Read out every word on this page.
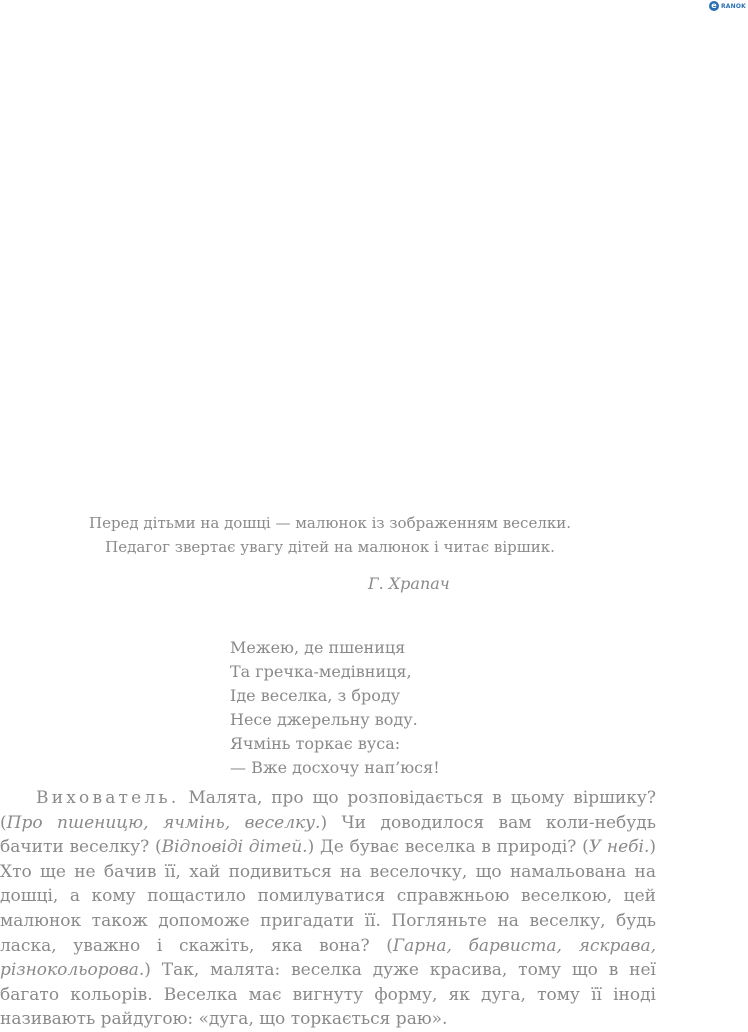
e RANOK
Перед дітьми на дошці — малюнок із зображенням веселки.
Педагог звертає увагу дітей на малюнок і читає віршик.
Г. Храпач
Межею, де пшениця
Та гречка-медівниця,
Іде веселка, з броду
Несе джерельну воду.
Ячмінь торкає вуса:
— Вже досхочу нап’юся!

Вихователь. Малята, про що розповідається в цьому віршику? (Про пшеницю, ячмінь, веселку.) Чи доводилося вам коли-небудь бачити веселку? (Відповіді дітей.) Де буває веселка в природі? (У небі.) Хто ще не бачив її, хай подивиться на веселочку, що намальована на дошці, а кому пощастило помилуватися справжньою веселкою, цей малюнок також допоможе пригадати її. Погляньте на веселку, будь ласка, уважно і скажіть, яка вона? (Гарна, барвиста, яскрава, різнокольорова.) Так, малята: веселка дуже красива, тому що в неї багато кольорів. Веселка має вигнуту форму, як дуга, тому її іноді називають райдугою: «дуга, що торкається раю».
